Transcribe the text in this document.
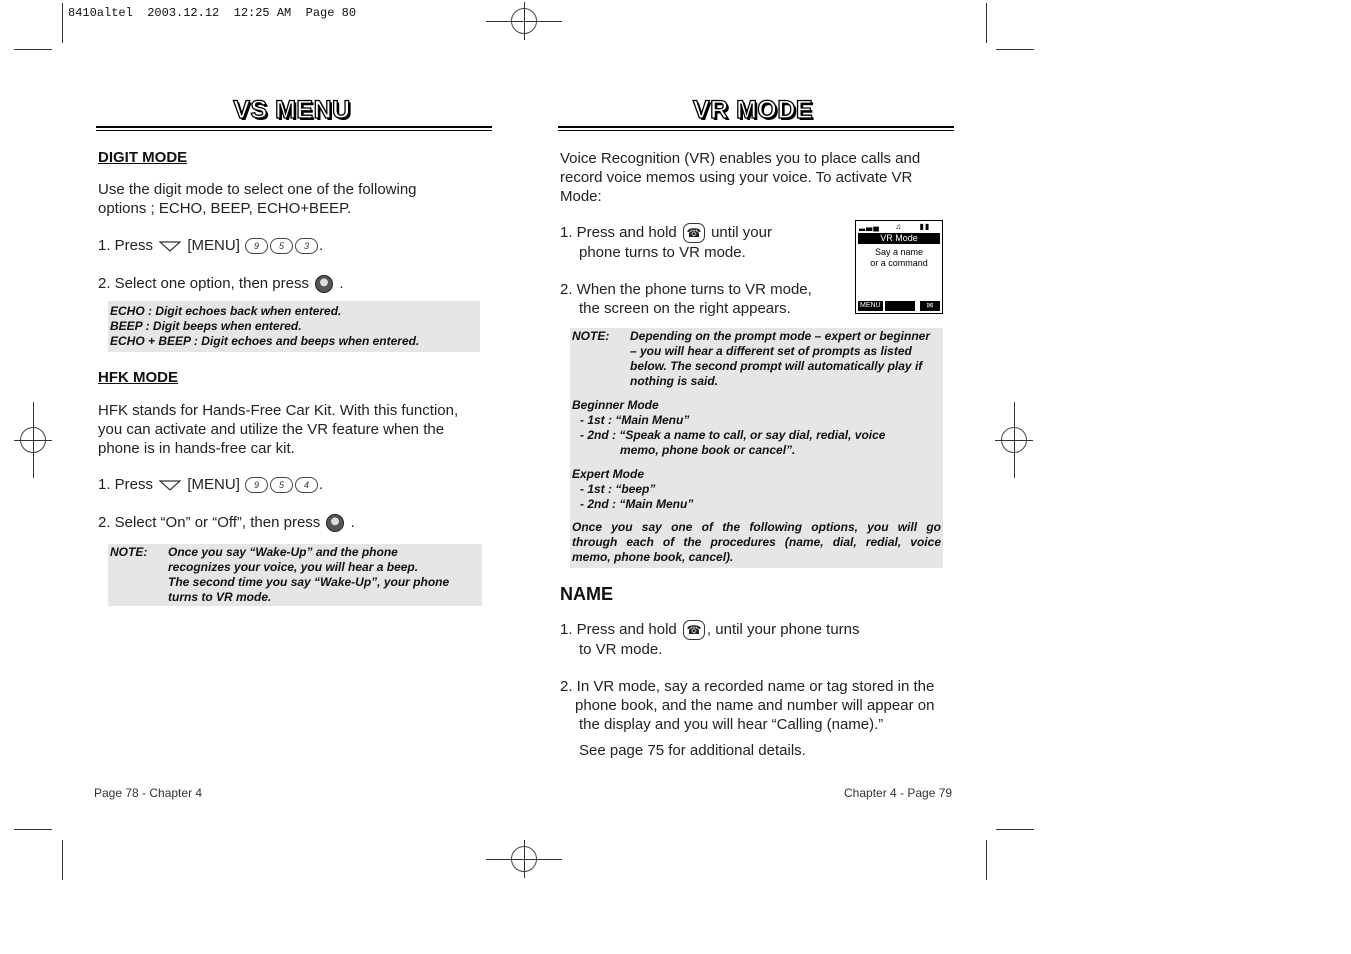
8410altel  2003.12.12  12:25 AM  Page 80
VS MENU
DIGIT MODE
Use the digit mode to select one of the following options ; ECHO, BEEP, ECHO+BEEP.
1. Press [MENU] 9 5 3 .
2. Select one option, then press  .
ECHO : Digit echoes back when entered.
BEEP : Digit beeps when entered.
ECHO + BEEP : Digit echoes and beeps when entered.
HFK MODE
HFK stands for Hands-Free Car Kit. With this function, you can activate and utilize the VR feature when the phone is in hands-free car kit.
1. Press [MENU] 9 5 4 .
2. Select “On” or “Off”, then press  .
NOTE:	Once you say “Wake-Up” and the phone
recognizes your voice, you will hear a beep.
The second time you say “Wake-Up”, your phone
turns to VR mode.
Page 78 - Chapter 4
VR MODE
Voice Recognition (VR) enables you to place calls and record voice memos using your voice. To activate VR Mode:
1. Press and hold ☎ until your
phone turns to VR mode.
2. When the phone turns to VR mode,
the screen on the right appears.
▂▃▄ ♫ ▮▮
VR Mode
Say a name
or a command
MENU	✉
NOTE:	Depending on the prompt mode – expert or beginner
– you will hear a different set of prompts as listed
below. The second prompt will automatically play if
nothing is said.
Beginner Mode
- 1st : “Main Menu”
- 2nd : “Speak a name to call, or say dial, redial, voice
memo, phone book or cancel”.
Expert Mode
- 1st : “beep”
- 2nd : “Main Menu”
Once you say one of the following options, you will go
through each of the procedures (name, dial, redial, voice
memo, phone book, cancel).
NAME
1. Press and hold ☎ , until your phone turns
to VR mode.
2. In VR mode, say a recorded name or tag stored in the
phone book, and the name and number will appear on
the display and you will hear “Calling (name).”
See page 75 for additional details.
Chapter 4 - Page 79
